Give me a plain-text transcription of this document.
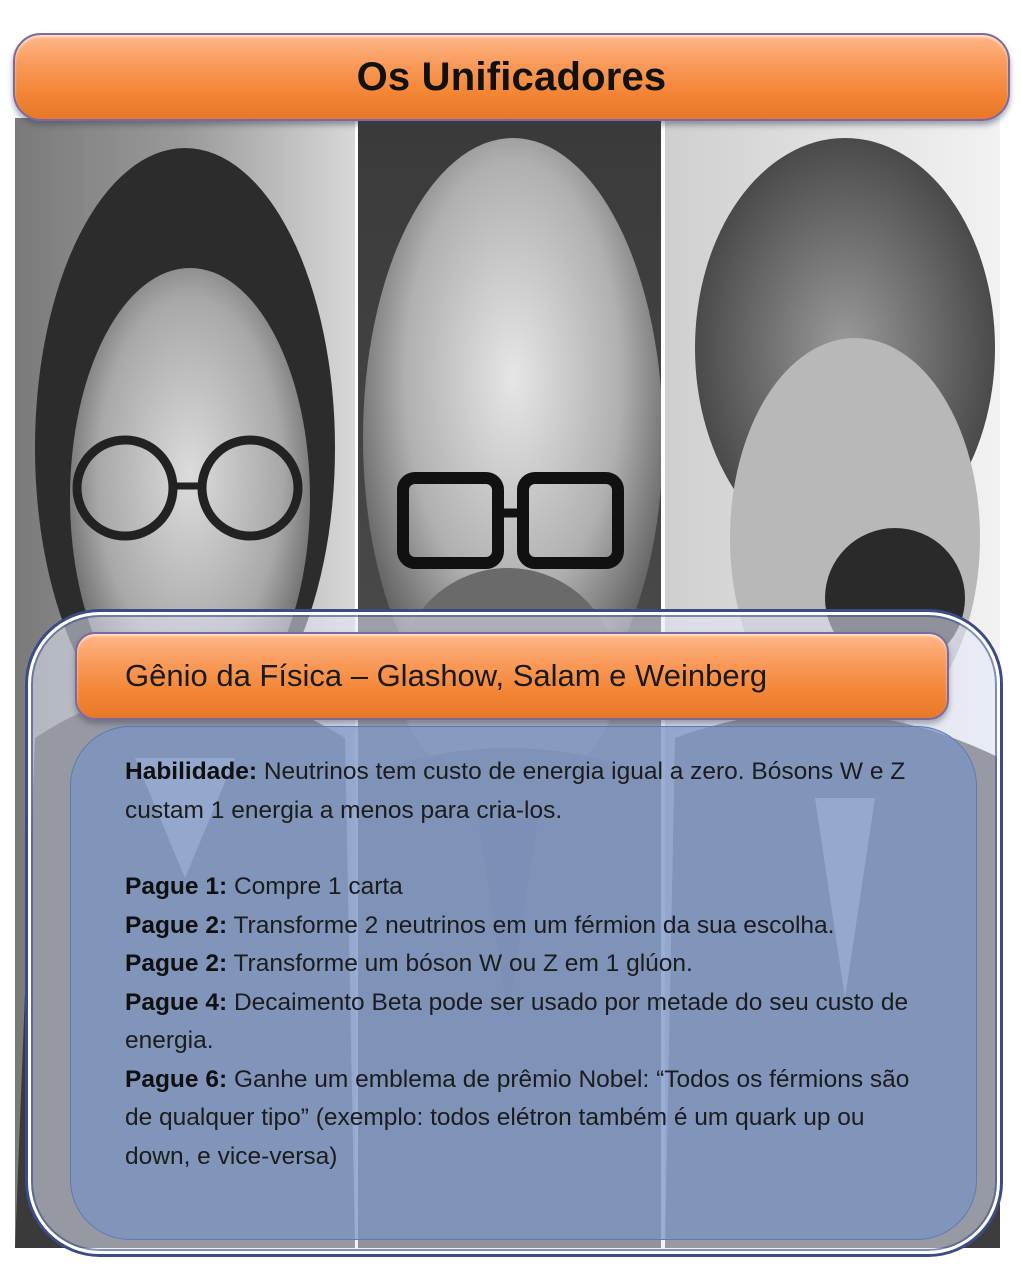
Os Unificadores
Gênio da Física – Glashow, Salam e Weinberg

Habilidade: Neutrinos tem custo de energia igual a zero. Bósons W e Z custam 1 energia a menos para cria-los.

Pague 1: Compre 1 carta

Pague 2: Transforme 2 neutrinos em um férmion da sua escolha.

Pague 2: Transforme um bóson W ou Z em 1 glúon.

Pague 4: Decaimento Beta pode ser usado por metade do seu custo de energia.

Pague 6: Ganhe um emblema de prêmio Nobel: “Todos os férmions são de qualquer tipo” (exemplo: todos elétron também é um quark up ou down, e vice-versa)
